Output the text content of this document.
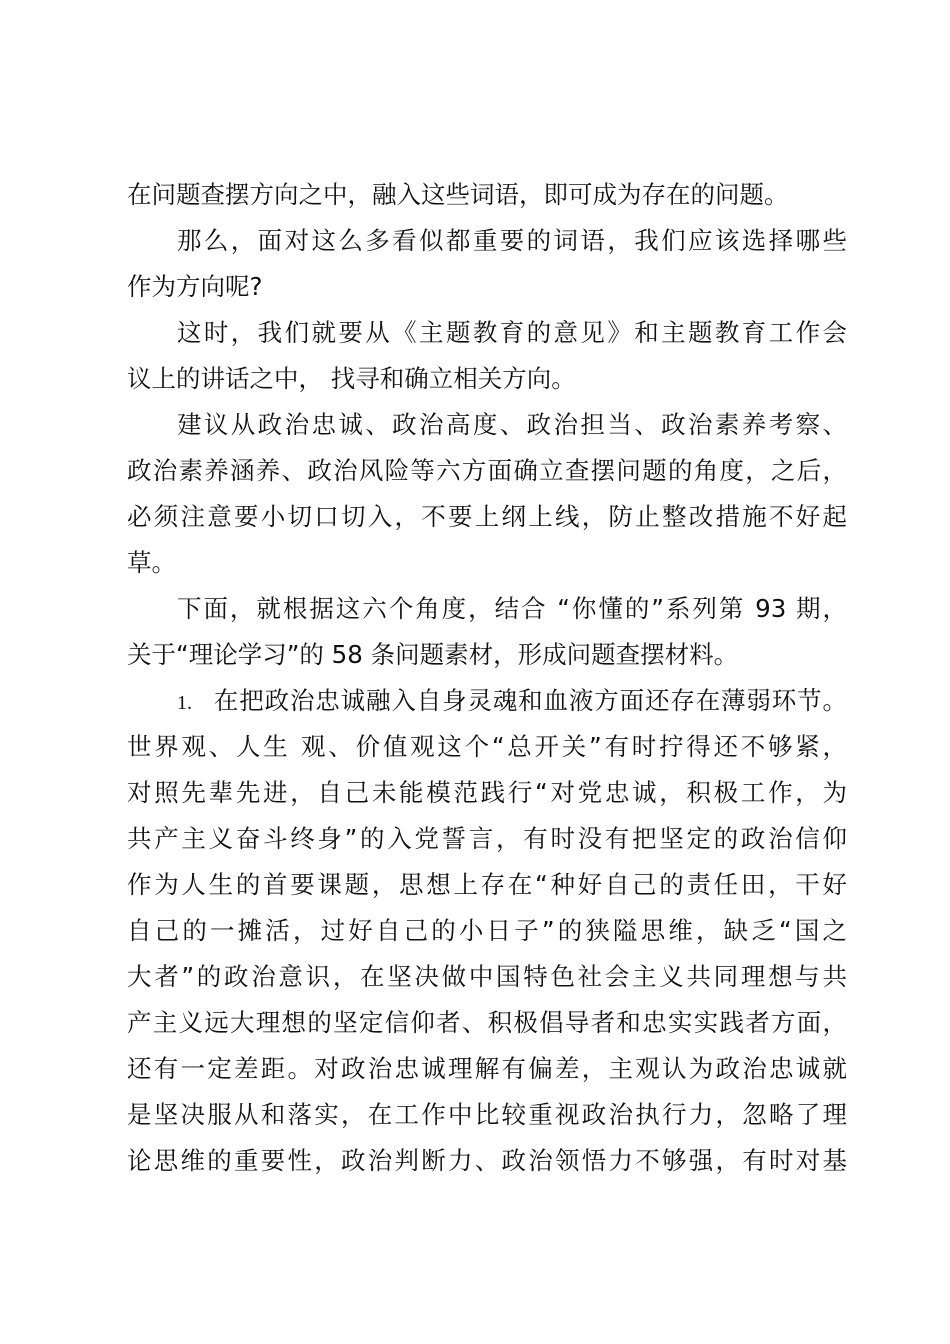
在问题查摆方向之中，融入这些词语，即可成为存在的问题。
那么，面对这么多看似都重要的词语，我们应该选择哪些
作为方向呢?
这时，我们就要从《主题教育的意见》和主题教育工作会
议上的讲话之中， 找寻和确立相关方向。
建议从政治忠诚、政治高度、政治担当、政治素养考察、
政治素养涵养、政治风险等六方面确立查摆问题的角度，之后，
必须注意要小切口切入，不要上纲上线，防止整改措施不好起
草。
下面，就根据这六个角度，结合 “你懂的”系列第 93 期，
关于“理论学习”的 58 条问题素材，形成问题查摆材料。
1. 在把政治忠诚融入自身灵魂和血液方面还存在薄弱环节。
世界观、人生 观、价值观这个“总开关”有时拧得还不够紧，
对照先辈先进，自己未能模范践行“对党忠诚，积极工作，为
共产主义奋斗终身”的入党誓言，有时没有把坚定的政治信仰
作为人生的首要课题，思想上存在“种好自己的责任田，干好
自己的一摊活，过好自己的小日子”的狭隘思维，缺乏“国之
大者”的政治意识，在坚决做中国特色社会主义共同理想与共
产主义远大理想的坚定信仰者、积极倡导者和忠实实践者方面，
还有一定差距。对政治忠诚理解有偏差，主观认为政治忠诚就
是坚决服从和落实，在工作中比较重视政治执行力，忽略了理
论思维的重要性，政治判断力、政治领悟力不够强，有时对基
